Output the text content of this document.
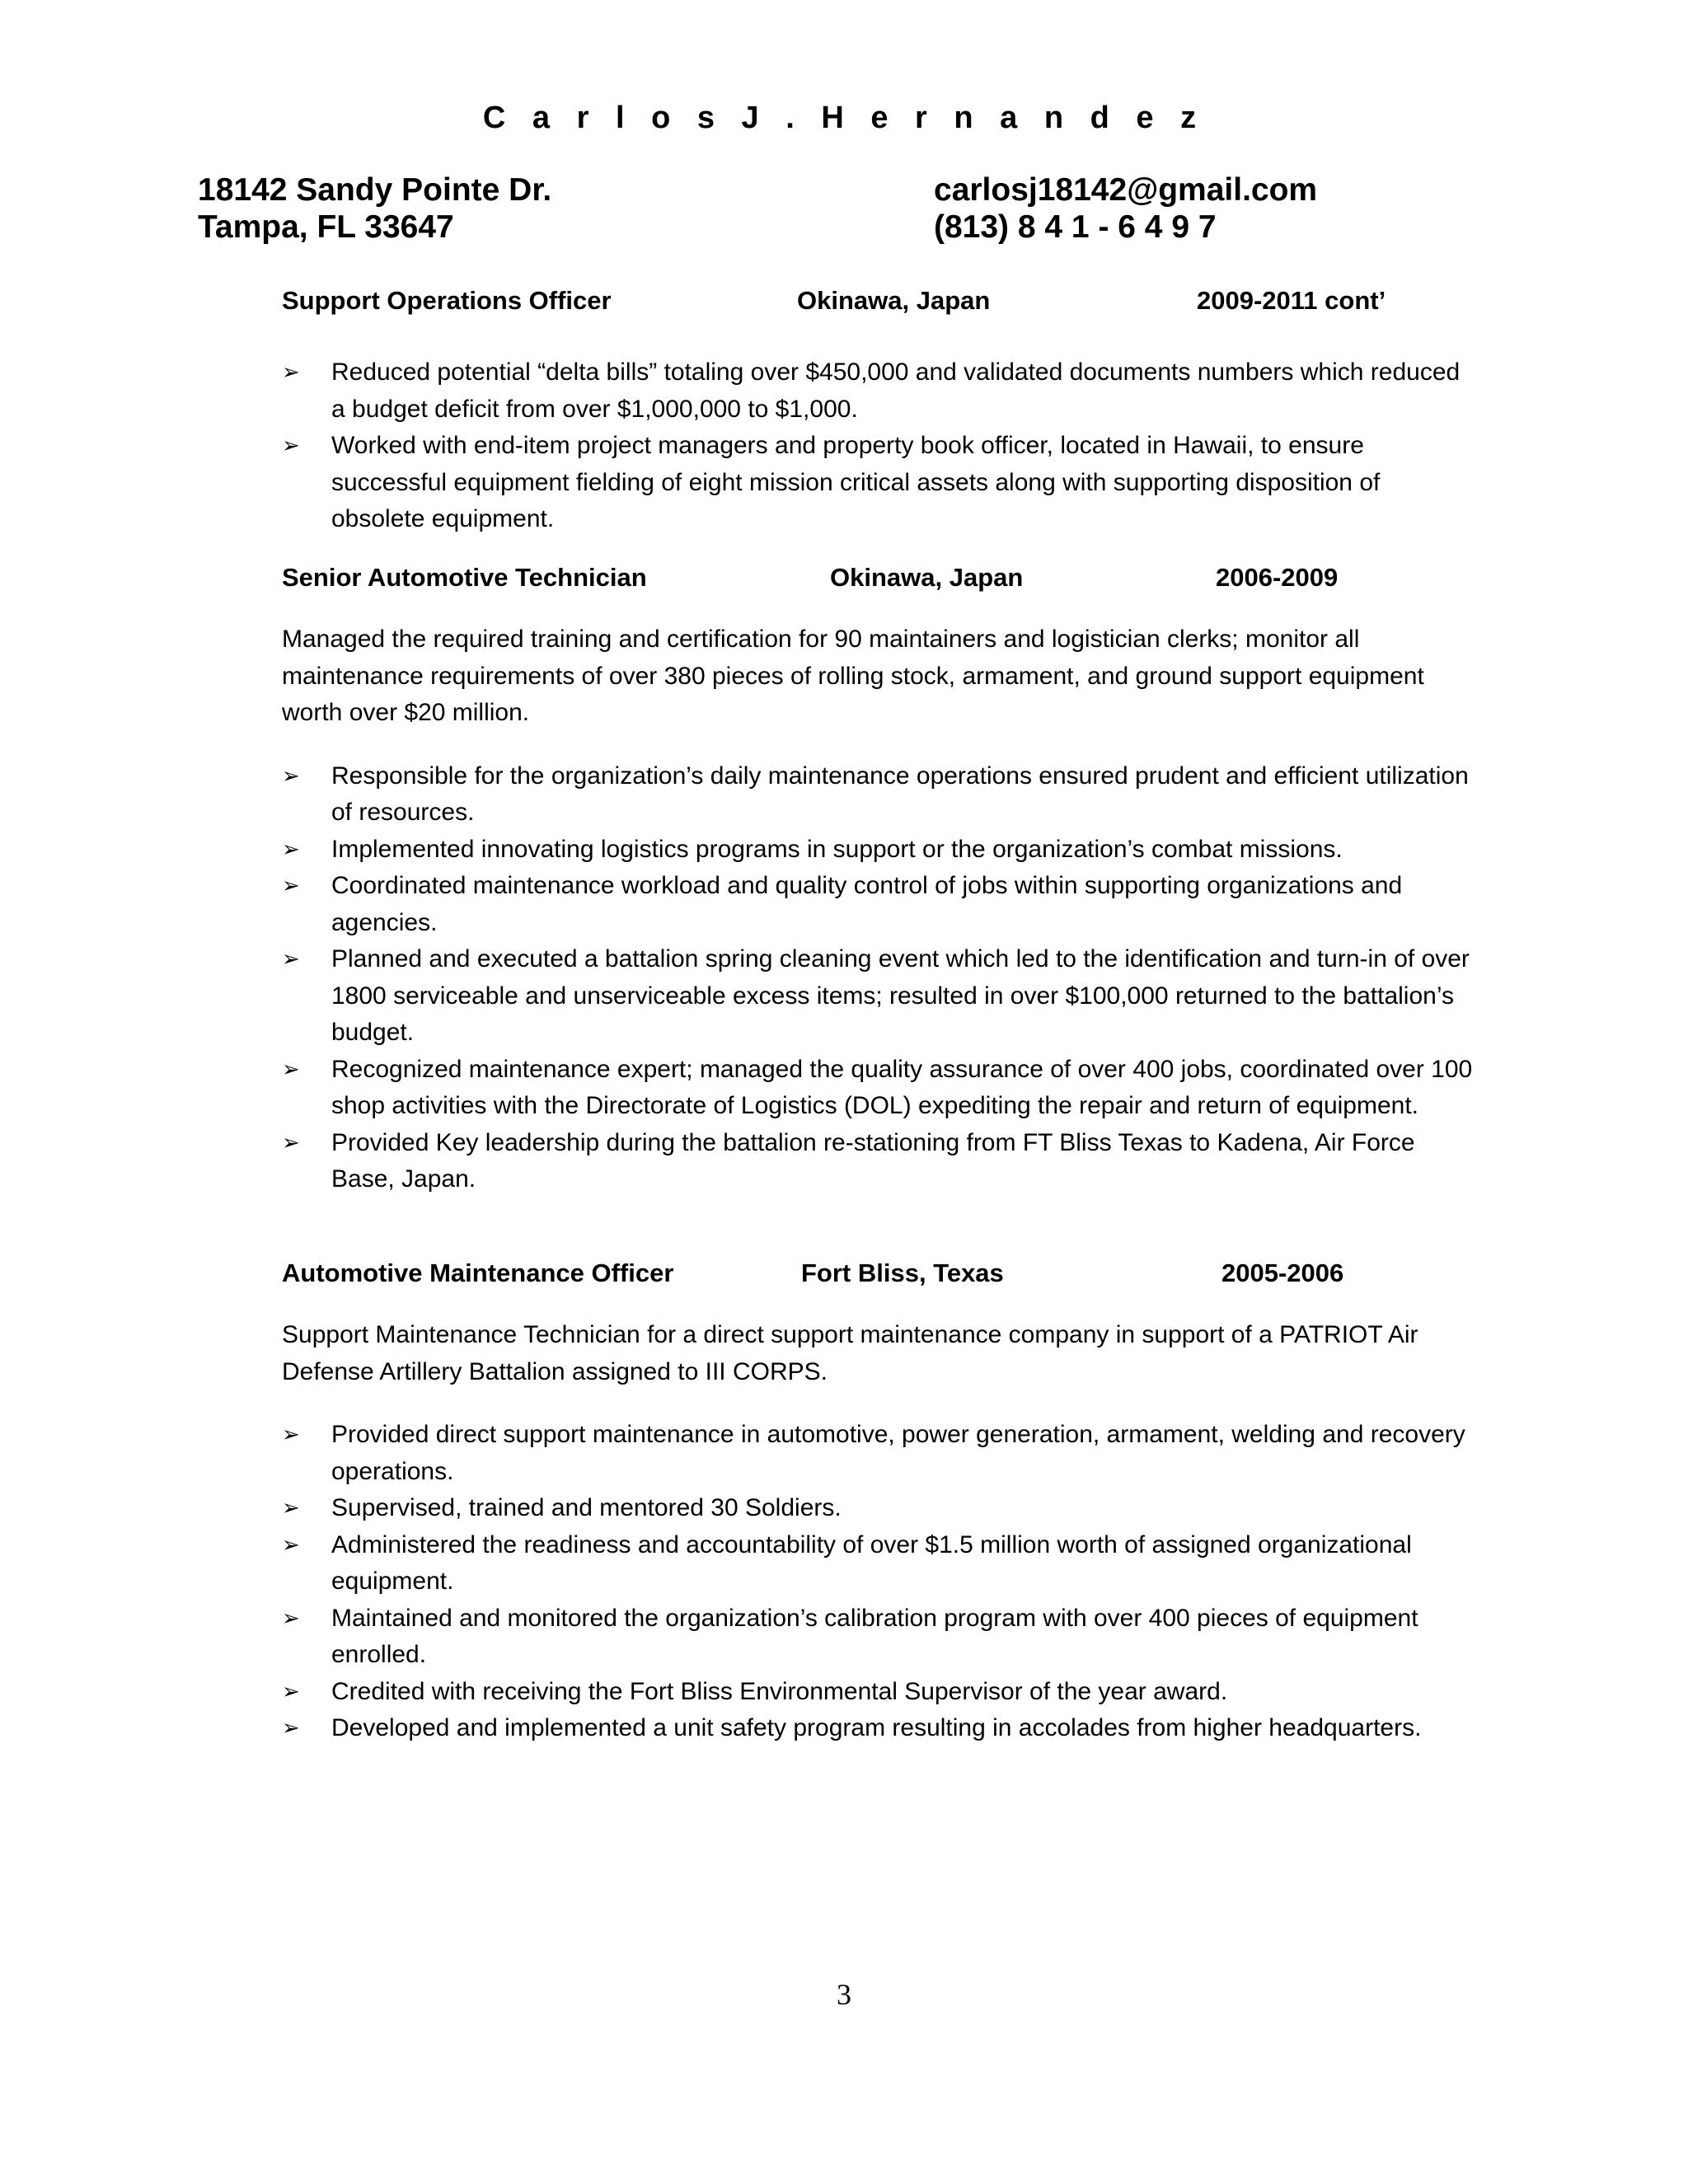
C a r l o s J . H e r n a n d e z
18142 Sandy Pointe Dr.
Tampa, FL 33647
carlosj18142@gmail.com
(813) 8 4 1 - 6 4 9 7
Support Operations Officer	Okinawa, Japan	2009-2011 cont’
➢ Reduced potential “delta bills” totaling over $450,000 and validated documents numbers which reduced a budget deficit from over $1,000,000 to $1,000.
➢ Worked with end-item project managers and property book officer, located in Hawaii, to ensure successful equipment fielding of eight mission critical assets along with supporting disposition of obsolete equipment.
Senior Automotive Technician	Okinawa, Japan	2006-2009

Managed the required training and certification for 90 maintainers and logistician clerks; monitor all maintenance requirements of over 380 pieces of rolling stock, armament, and ground support equipment worth over $20 million.

➢ Responsible for the organization’s daily maintenance operations ensured prudent and efficient utilization of resources.
➢ Implemented innovating logistics programs in support or the organization’s combat missions.
➢ Coordinated maintenance workload and quality control of jobs within supporting organizations and agencies.
➢ Planned and executed a battalion spring cleaning event which led to the identification and turn-in of over 1800 serviceable and unserviceable excess items; resulted in over $100,000 returned to the battalion’s budget.
➢ Recognized maintenance expert; managed the quality assurance of over 400 jobs, coordinated over 100 shop activities with the Directorate of Logistics (DOL) expediting the repair and return of equipment.
➢ Provided Key leadership during the battalion re-stationing from FT Bliss Texas to Kadena, Air Force Base, Japan.
Automotive Maintenance Officer	Fort Bliss, Texas	2005-2006

Support Maintenance Technician for a direct support maintenance company in support of a PATRIOT Air Defense Artillery Battalion assigned to III CORPS.

➢ Provided direct support maintenance in automotive, power generation, armament, welding and recovery operations.
➢ Supervised, trained and mentored 30 Soldiers.
➢ Administered the readiness and accountability of over $1.5 million worth of assigned organizational equipment.
➢ Maintained and monitored the organization’s calibration program with over 400 pieces of equipment enrolled.
➢ Credited with receiving the Fort Bliss Environmental Supervisor of the year award.
➢ Developed and implemented a unit safety program resulting in accolades from higher headquarters.
3
